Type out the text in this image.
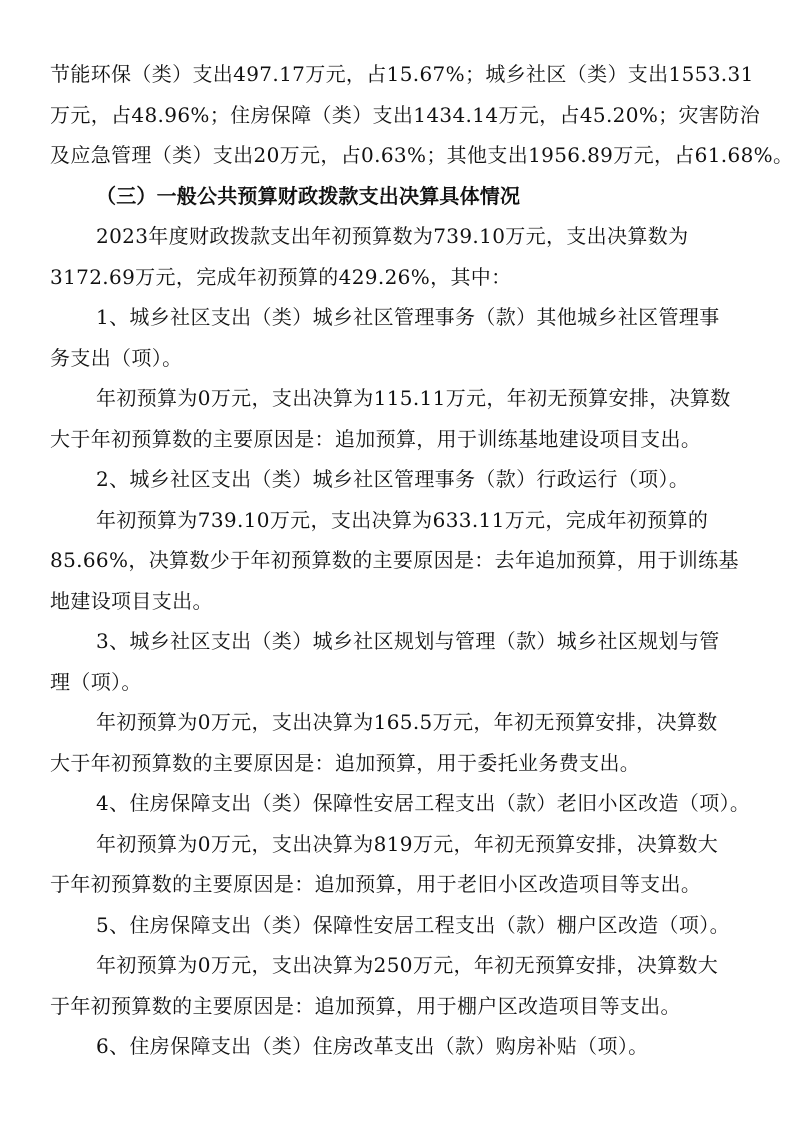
节能环保（类）支出497.17万元，占15.67%；城乡社区（类）支出1553.31
万元，占48.96%；住房保障（类）支出1434.14万元，占45.20%；灾害防治
及应急管理（类）支出20万元，占0.63%；其他支出1956.89万元，占61.68%。
（三）一般公共预算财政拨款支出决算具体情况
2023年度财政拨款支出年初预算数为739.10万元，支出决算数为
3172.69万元，完成年初预算的429.26%，其中：
1、城乡社区支出（类）城乡社区管理事务（款）其他城乡社区管理事
务支出（项）。
年初预算为0万元，支出决算为115.11万元，年初无预算安排，决算数
大于年初预算数的主要原因是：追加预算，用于训练基地建设项目支出。
2、城乡社区支出（类）城乡社区管理事务（款）行政运行（项）。
年初预算为739.10万元，支出决算为633.11万元，完成年初预算的
85.66%，决算数少于年初预算数的主要原因是：去年追加预算，用于训练基
地建设项目支出。
3、城乡社区支出（类）城乡社区规划与管理（款）城乡社区规划与管
理（项）。
年初预算为0万元，支出决算为165.5万元，年初无预算安排，决算数
大于年初预算数的主要原因是：追加预算，用于委托业务费支出。
4、住房保障支出（类）保障性安居工程支出（款）老旧小区改造（项）。
年初预算为0万元，支出决算为819万元，年初无预算安排，决算数大
于年初预算数的主要原因是：追加预算，用于老旧小区改造项目等支出。
5、住房保障支出（类）保障性安居工程支出（款）棚户区改造（项）。
年初预算为0万元，支出决算为250万元，年初无预算安排，决算数大
于年初预算数的主要原因是：追加预算，用于棚户区改造项目等支出。
6、住房保障支出（类）住房改革支出（款）购房补贴（项）。
